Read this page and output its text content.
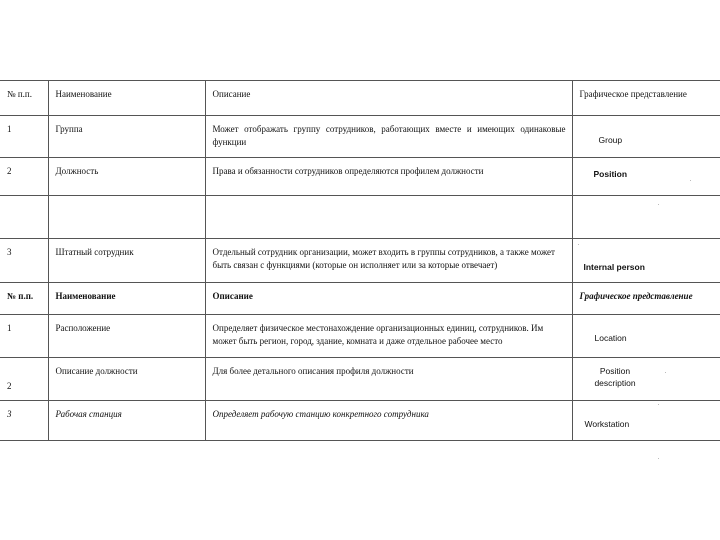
№ п.п.	Наименование	Описание	Графическое представление
1	Группа	Может отображать группу сотрудников, работающих вместе и имеющих одинаковые функции	Group

2	Должность	Права и обязанности сотрудников определяются профилем должности	Position

3	Штатный сотрудник	Отдельный сотрудник организации, может входить в группы сотрудников, а также может быть связан с функциями (которые он исполняет или за которые отвечает)	Internal person

№ п.п.	Наименование	Описание	Графическое представление
1	Расположение	Определяет физическое местонахождение организационных единиц, сотрудников. Им может быть регион, город, здание, комната и даже отдельное рабочее место	Location

2	Описание должности	Для более детального описания профиля должности	Position description

3	Рабочая станция	Определяет рабочую станцию конкретного сотрудника	Workstation
